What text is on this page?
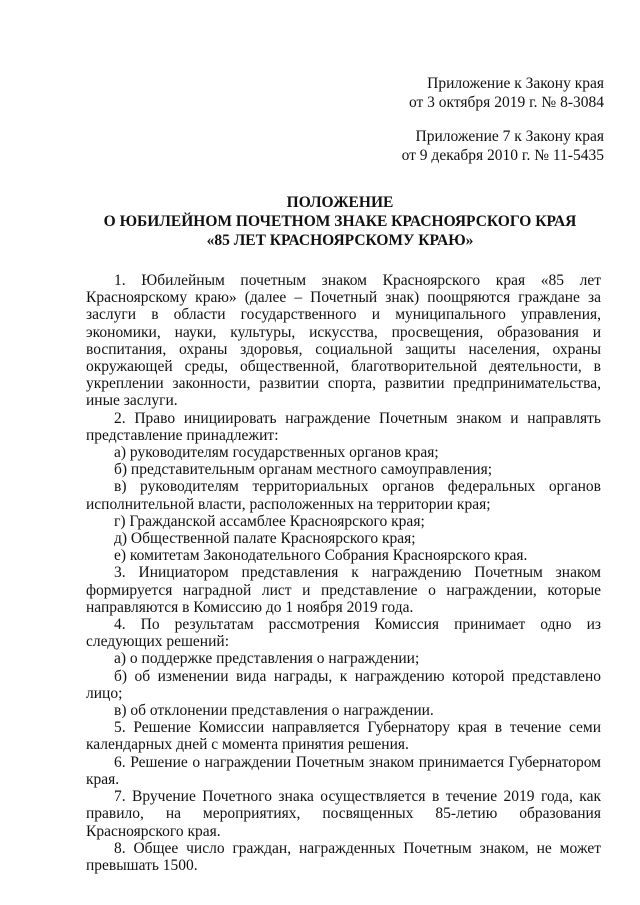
Приложение к Закону края
от 3 октября 2019 г. № 8-3084
Приложение 7 к Закону края
от 9 декабря 2010 г. № 11-5435
ПОЛОЖЕНИЕ
О ЮБИЛЕЙНОМ ПОЧЕТНОМ ЗНАКЕ КРАСНОЯРСКОГО КРАЯ
«85 ЛЕТ КРАСНОЯРСКОМУ КРАЮ»

1. Юбилейным почетным знаком Красноярского края «85 лет Красноярскому краю» (далее – Почетный знак) поощряются граждане за заслуги в области государственного и муниципального управления, экономики, науки, культуры, искусства, просвещения, образования и воспитания, охраны здоровья, социальной защиты населения, охраны окружающей среды, общественной, благотворительной деятельности, в укреплении законности, развитии спорта, развитии предпринимательства, иные заслуги.

2. Право инициировать награждение Почетным знаком и направлять представление принадлежит:

а) руководителям государственных органов края;

б) представительным органам местного самоуправления;

в) руководителям территориальных органов федеральных органов исполнительной власти, расположенных на территории края;

г) Гражданской ассамблее Красноярского края;

д) Общественной палате Красноярского края;

е) комитетам Законодательного Собрания Красноярского края.

3. Инициатором представления к награждению Почетным знаком формируется наградной лист и представление о награждении, которые направляются в Комиссию до 1 ноября 2019 года.

4. По результатам рассмотрения Комиссия принимает одно из следующих решений:

а) о поддержке представления о награждении;

б) об изменении вида награды, к награждению которой представлено лицо;

в) об отклонении представления о награждении.

5. Решение Комиссии направляется Губернатору края в течение семи календарных дней с момента принятия решения.

6. Решение о награждении Почетным знаком принимается Губернатором края.

7. Вручение Почетного знака осуществляется в течение 2019 года, как правило, на мероприятиях, посвященных 85-летию образования Красноярского края.

8. Общее число граждан, награжденных Почетным знаком, не может превышать 1500.
